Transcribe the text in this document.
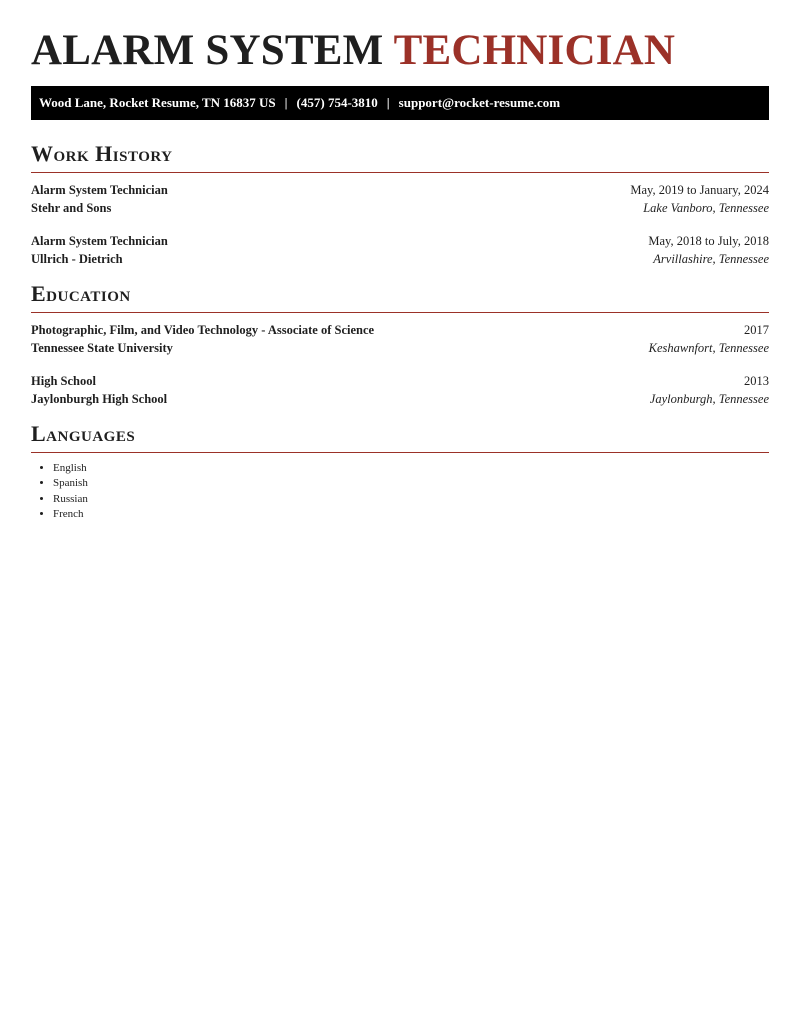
ALARM SYSTEM TECHNICIAN
Wood Lane, Rocket Resume, TN 16837 US | (457) 754-3810 | support@rocket-resume.com
Work History
Alarm System Technician	May, 2019 to January, 2024
Stehr and Sons	Lake Vanboro, Tennessee
Alarm System Technician	May, 2018 to July, 2018
Ullrich - Dietrich	Arvillashire, Tennessee
Education
Photographic, Film, and Video Technology - Associate of Science	2017
Tennessee State University	Keshawnfort, Tennessee
High School	2013
Jaylonburgh High School	Jaylonburgh, Tennessee
Languages
• English
• Spanish
• Russian
• French
